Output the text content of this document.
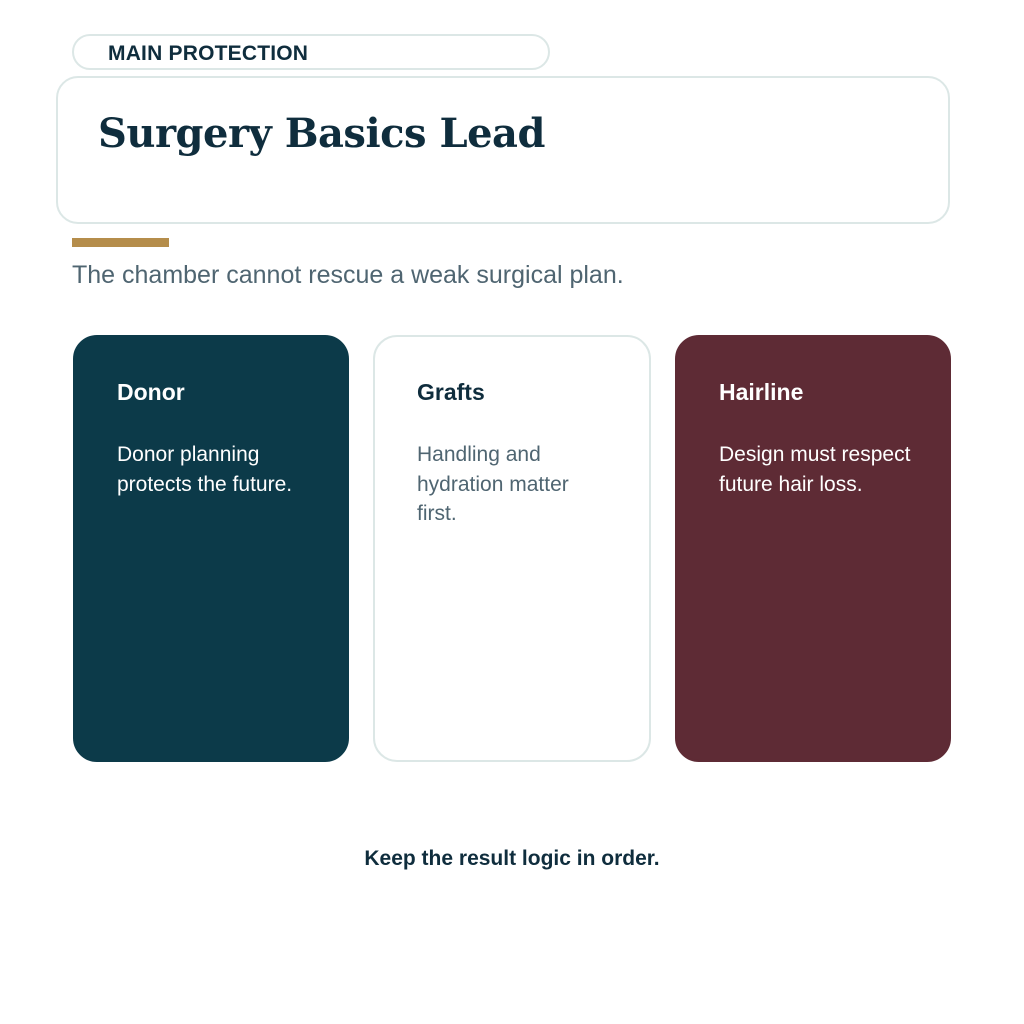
MAIN PROTECTION
Surgery Basics Lead
The chamber cannot rescue a weak surgical plan.
Donor
Donor planning protects the future.
Grafts
Handling and hydration matter first.
Hairline
Design must respect future hair loss.
Keep the result logic in order.
